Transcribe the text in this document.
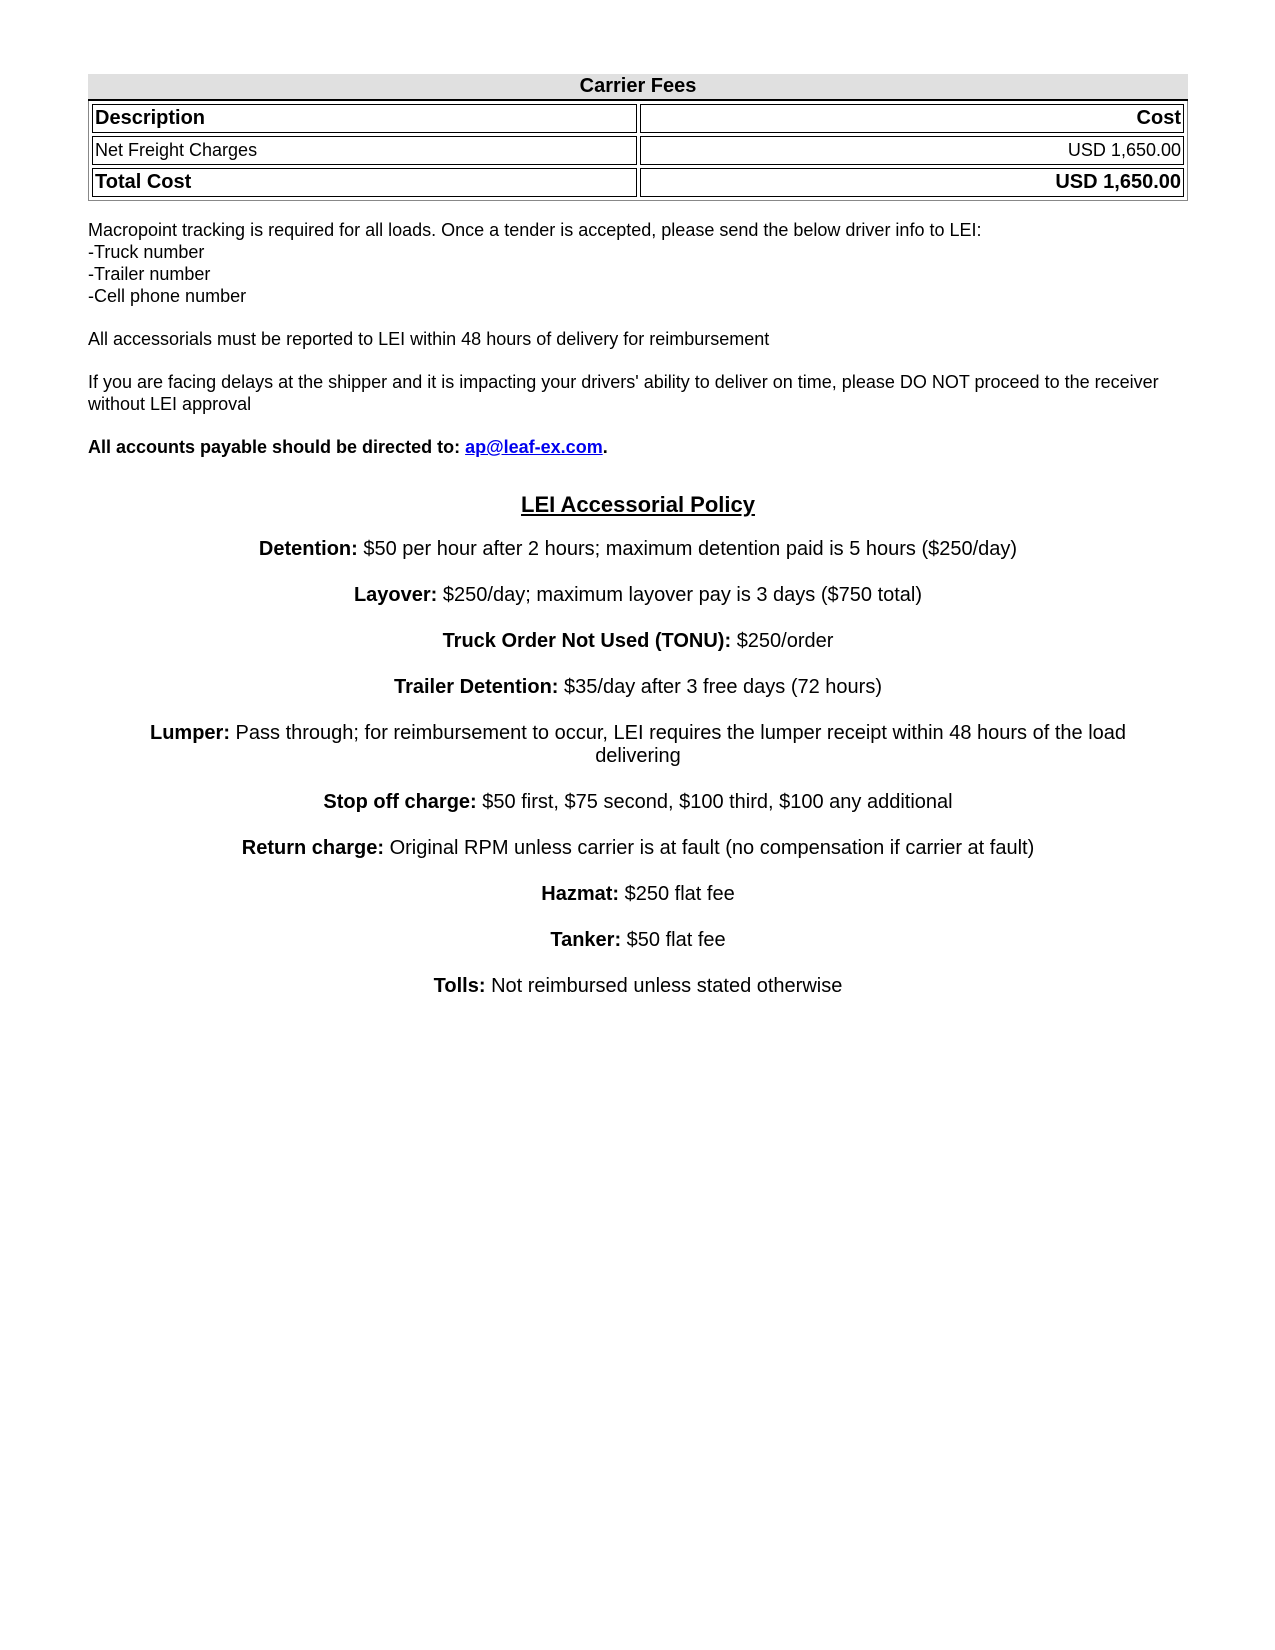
Carrier Fees
Description	Cost
Net Freight Charges	USD 1,650.00
Total Cost	USD 1,650.00

Macropoint tracking is required for all loads. Once a tender is accepted, please send the below driver info to LEI:
-Truck number
-Trailer number
-Cell phone number

All accessorials must be reported to LEI within 48 hours of delivery for reimbursement

If you are facing delays at the shipper and it is impacting your drivers' ability to deliver on time, please DO NOT proceed to the receiver without LEI approval

All accounts payable should be directed to: ap@leaf-ex.com.

LEI Accessorial Policy
Detention: $50 per hour after 2 hours; maximum detention paid is 5 hours ($250/day)
Layover: $250/day; maximum layover pay is 3 days ($750 total)
Truck Order Not Used (TONU): $250/order
Trailer Detention: $35/day after 3 free days (72 hours)
Lumper: Pass through; for reimbursement to occur, LEI requires the lumper receipt within 48 hours of the load delivering
Stop off charge: $50 first, $75 second, $100 third, $100 any additional
Return charge: Original RPM unless carrier is at fault (no compensation if carrier at fault)
Hazmat: $250 flat fee
Tanker: $50 flat fee
Tolls: Not reimbursed unless stated otherwise
